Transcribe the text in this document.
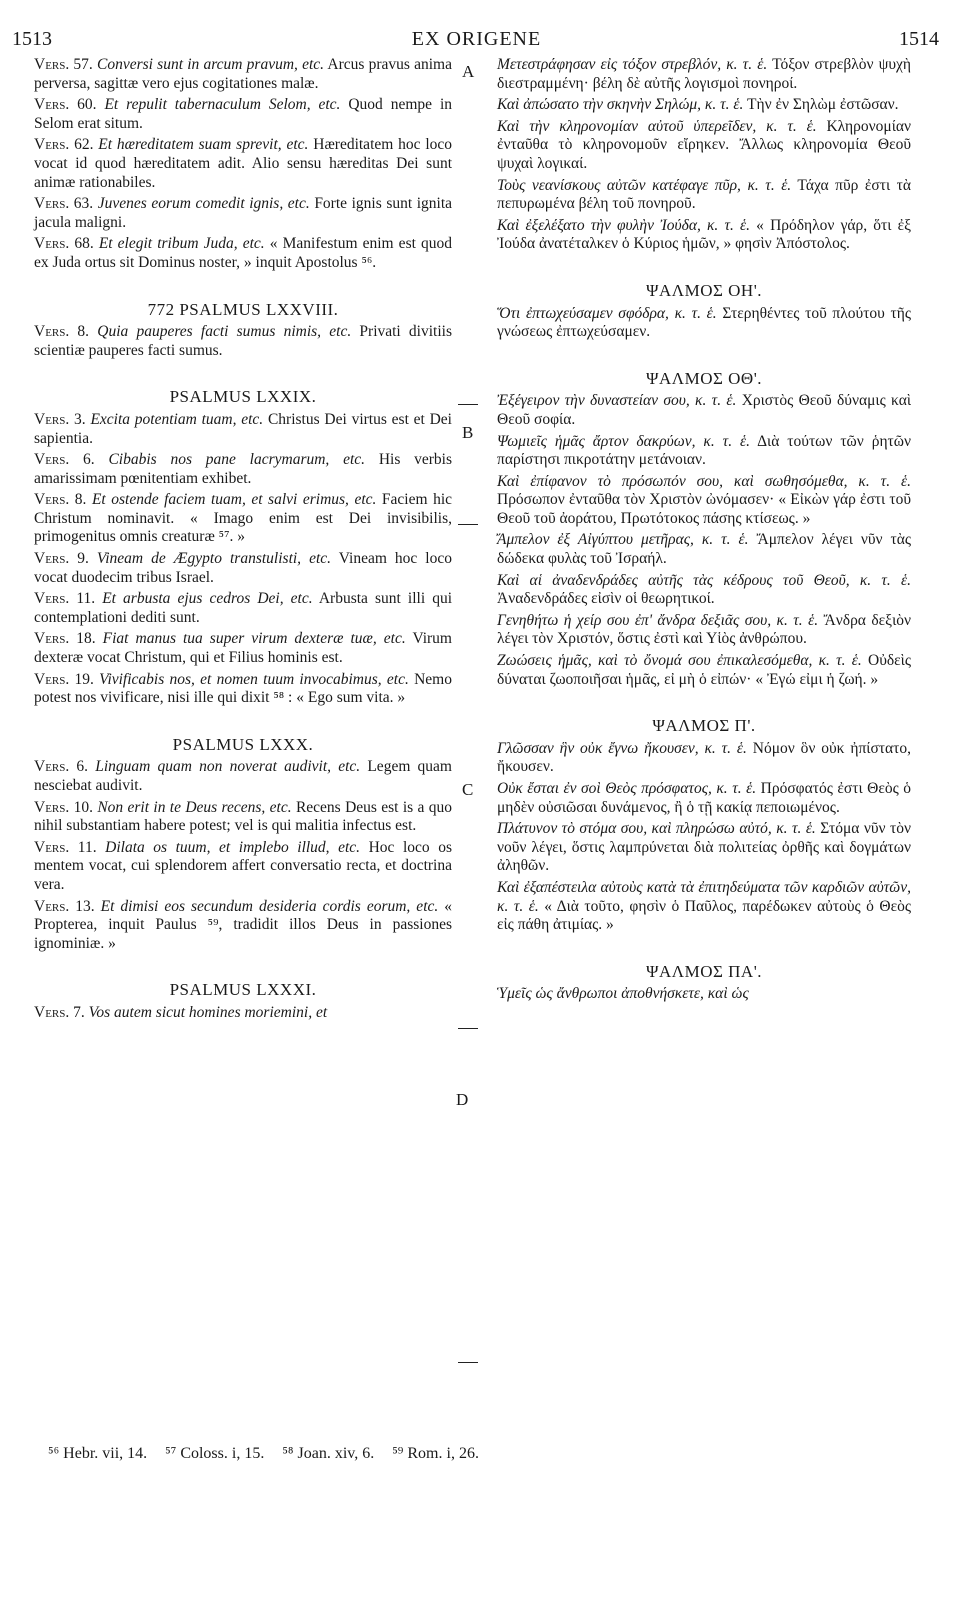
1513	EX ORIGENE	1514
A
B
C
D
Vers. 57. Conversi sunt in arcum pravum, etc. Arcus pravus anima perversa, sagittæ vero ejus cogitationes malæ.
Vers. 60. Et repulit tabernaculum Selom, etc. Quod nempe in Selom erat situm.
Vers. 62. Et hæreditatem suam sprevit, etc. Hæreditatem hoc loco vocat id quod hæreditatem adit. Alio sensu hæreditas Dei sunt animæ rationabiles.
Vers. 63. Juvenes eorum comedit ignis, etc. Forte ignis sunt ignita jacula maligni.
Vers. 68. Et elegit tribum Juda, etc. « Manifestum enim est quod ex Juda ortus sit Dominus noster, » inquit Apostolus ⁵⁶.
772 PSALMUS LXXVIII.
Vers. 8. Quia pauperes facti sumus nimis, etc. Privati divitiis scientiæ pauperes facti sumus.
PSALMUS LXXIX.
Vers. 3. Excita potentiam tuam, etc. Christus Dei virtus est et Dei sapientia.
Vers. 6. Cibabis nos pane lacrymarum, etc. His verbis amarissimam pœnitentiam exhibet.
Vers. 8. Et ostende faciem tuam, et salvi erimus, etc. Faciem hic Christum nominavit. « Imago enim est Dei invisibilis, primogenitus omnis creaturæ ⁵⁷. »
Vers. 9. Vineam de Ægypto transtulisti, etc. Vineam hoc loco vocat duodecim tribus Israel.
Vers. 11. Et arbusta ejus cedros Dei, etc. Arbusta sunt illi qui contemplationi dediti sunt.
Vers. 18. Fiat manus tua super virum dexteræ tuæ, etc. Virum dexteræ vocat Christum, qui et Filius hominis est.
Vers. 19. Vivificabis nos, et nomen tuum invocabimus, etc. Nemo potest nos vivificare, nisi ille qui dixit ⁵⁸ : « Ego sum vita. »
PSALMUS LXXX.
Vers. 6. Linguam quam non noverat audivit, etc. Legem quam nesciebat audivit.
Vers. 10. Non erit in te Deus recens, etc. Recens Deus est is a quo nihil substantiam habere potest; vel is qui malitia infectus est.
Vers. 11. Dilata os tuum, et implebo illud, etc. Hoc loco os mentem vocat, cui splendorem affert conversatio recta, et doctrina vera.
Vers. 13. Et dimisi eos secundum desideria cordis eorum, etc. « Propterea, inquit Paulus ⁵⁹, tradidit illos Deus in passiones ignominiæ. »
PSALMUS LXXXI.
Vers. 7. Vos autem sicut homines moriemini, et
Μετεστράφησαν εἰς τόξον στρεβλόν, κ. τ. ἑ. Τόξον στρεβλὸν ψυχὴ διεστραμμένη· βέλη δὲ αὐτῆς λογισμοὶ πονηροί.
Καὶ ἀπώσατο τὴν σκηνὴν Σηλώμ, κ. τ. ἑ. Τὴν ἐν Σηλὼμ ἐστῶσαν.
Καὶ τὴν κληρονομίαν αὐτοῦ ὑπερεῖδεν, κ. τ. ἑ. Κληρονομίαν ἐνταῦθα τὸ κληρονομοῦν εἴρηκεν. Ἄλλως κληρονομία Θεοῦ ψυχαὶ λογικαί.
Τοὺς νεανίσκους αὐτῶν κατέφαγε πῦρ, κ. τ. ἑ. Τάχα πῦρ ἐστι τὰ πεπυρωμένα βέλη τοῦ πονηροῦ.
Καὶ ἐξελέξατο τὴν φυλὴν Ἰούδα, κ. τ. ἑ. « Πρόδηλον γάρ, ὅτι ἐξ Ἰούδα ἀνατέταλκεν ὁ Κύριος ἡμῶν, » φησὶν Ἀπόστολος.
ΨΑΛΜΟΣ ΟΗ'.
Ὅτι ἐπτωχεύσαμεν σφόδρα, κ. τ. ἑ. Στερηθέντες τοῦ πλούτου τῆς γνώσεως ἐπτωχεύσαμεν.
ΨΑΛΜΟΣ ΟΘ'.
Ἐξέγειρον τὴν δυναστείαν σου, κ. τ. ἑ. Χριστὸς Θεοῦ δύναμις καὶ Θεοῦ σοφία.
Ψωμιεῖς ἡμᾶς ἄρτον δακρύων, κ. τ. ἑ. Διὰ τούτων τῶν ῥητῶν παρίστησι πικροτάτην μετάνοιαν.
Καὶ ἐπίφανον τὸ πρόσωπόν σου, καὶ σωθησόμεθα, κ. τ. ἑ. Πρόσωπον ἐνταῦθα τὸν Χριστὸν ὠνόμασεν· « Εἰκὼν γάρ ἐστι τοῦ Θεοῦ τοῦ ἀοράτου, Πρωτότοκος πάσης κτίσεως. »
Ἄμπελον ἐξ Αἰγύπτου μετῆρας, κ. τ. ἑ. Ἄμπελον λέγει νῦν τὰς δώδεκα φυλὰς τοῦ Ἰσραήλ.
Καὶ αἱ ἀναδενδράδες αὐτῆς τὰς κέδρους τοῦ Θεοῦ, κ. τ. ἑ. Ἀναδενδράδες εἰσὶν οἱ θεωρητικοί.
Γενηθήτω ἡ χείρ σου ἐπ' ἄνδρα δεξιᾶς σου, κ. τ. ἑ. Ἄνδρα δεξιὸν λέγει τὸν Χριστόν, ὅστις ἐστὶ καὶ Υἱὸς ἀνθρώπου.
Ζωώσεις ἡμᾶς, καὶ τὸ ὄνομά σου ἐπικαλεσόμεθα, κ. τ. ἑ. Οὐδεὶς δύναται ζωοποιῆσαι ἡμᾶς, εἰ μὴ ὁ εἰπών· « Ἐγώ εἰμι ἡ ζωή. »
ΨΑΛΜΟΣ Π'.
Γλῶσσαν ἣν οὐκ ἔγνω ἤκουσεν, κ. τ. ἑ. Νόμον ὃν οὐκ ἠπίστατο, ἤκουσεν.
Οὐκ ἔσται ἐν σοὶ Θεὸς πρόσφατος, κ. τ. ἑ. Πρόσφατός ἐστι Θεὸς ὁ μηδὲν οὐσιῶσαι δυνάμενος, ἢ ὁ τῇ κακίᾳ πεποιωμένος.
Πλάτυνον τὸ στόμα σου, καὶ πληρώσω αὐτό, κ. τ. ἑ. Στόμα νῦν τὸν νοῦν λέγει, ὅστις λαμπρύνεται διὰ πολιτείας ὀρθῆς καὶ δογμάτων ἀληθῶν.
Καὶ ἐξαπέστειλα αὐτοὺς κατὰ τὰ ἐπιτηδεύματα τῶν καρδιῶν αὐτῶν, κ. τ. ἑ. « Διὰ τοῦτο, φησὶν ὁ Παῦλος, παρέδωκεν αὐτοὺς ὁ Θεὸς εἰς πάθη ἀτιμίας. »
ΨΑΛΜΟΣ ΠΑ'.
Ὑμεῖς ὡς ἄνθρωποι ἀποθνήσκετε, καὶ ὡς
⁵⁶ Hebr. vii, 14. ⁵⁷ Coloss. i, 15. ⁵⁸ Joan. xiv, 6. ⁵⁹ Rom. i, 26.
